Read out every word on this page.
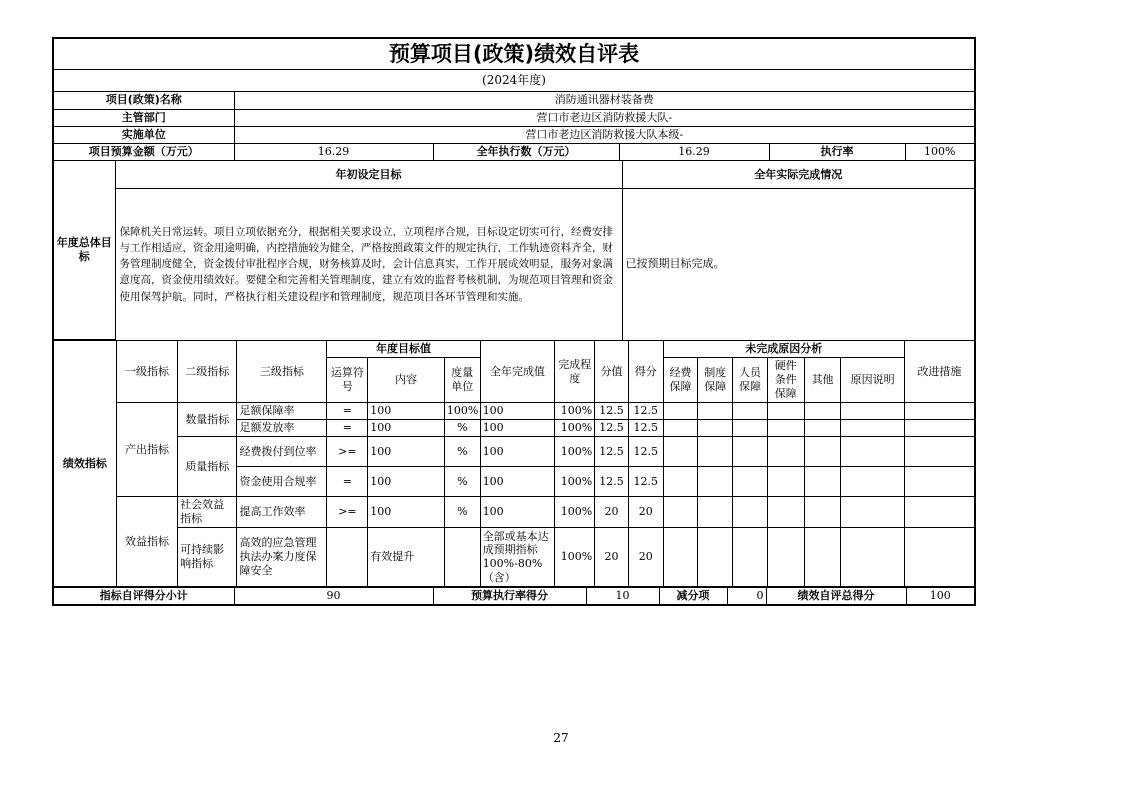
预算项目(政策)绩效自评表
(2024年度)
项目(政策)名称	消防通讯器材装备费				
主管部门	营口市老边区消防救援大队-				
实施单位	营口市老边区消防救援大队本级-				
项目预算金额（万元）	16.29	全年执行数（万元）	16.29	执行率	100%
年度总体目标	年初设定目标	全年实际完成情况
	保障机关日常运转。项目立项依据充分，根据相关要求设立，立项程序合规，目标设定切实可行，经费安排与工作相适应，资金用途明确，内控措施较为健全，严格按照政策文件的规定执行，工作轨迹资料齐全，财务管理制度健全，资金拨付审批程序合规，财务核算及时，会计信息真实，工作开展成效明显，服务对象满意度高，资金使用绩效好。要健全和完善相关管理制度，建立有效的监督考核机制，为规范项目管理和资金使用保驾护航。同时，严格执行相关建设程序和管理制度，规范项目各环节管理和实施。	已按预期目标完成。
绩效指标	一级指标	二级指标	三级指标	年度目标值			全年完成值	完成程度	分值	得分	未完成原因分析						改进措施
				运算符号	内容	度量单位					经费保障	制度保障	人员保障	硬件条件保障	其他	原因说明	

	产出指标	数量指标	足额保障率	=	100	100%	100	100%	12.5	12.5							
			足额发放率	=	100	%	100	100%	12.5	12.5							
		质量指标	经费拨付到位率	>=	100	%	100	100%	12.5	12.5							

			资金使用合规率	=	100	%	100	100%	12.5	12.5							

	效益指标	社会效益指标	提高工作效率	>=	100	%	100	100%	20	20							
		可持续影响指标	高效的应急管理执法办案力度保障安全		有效提升		全部或基本达成预期指标100%-80%（含）	100%	20	20							

指标自评得分小计	90	预算执行率得分	10	减分项	0	绩效自评总得分	100
27
